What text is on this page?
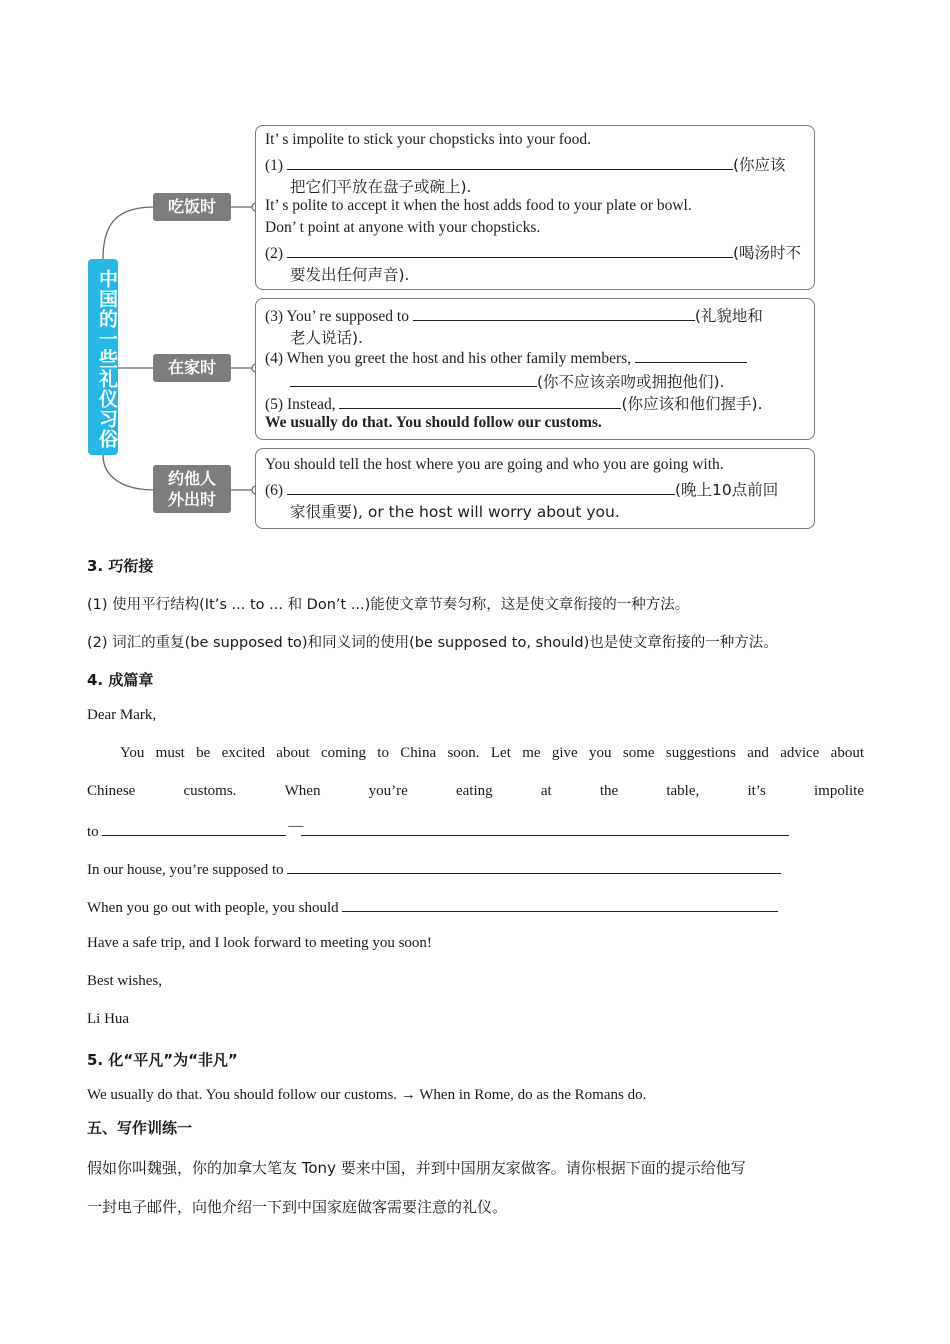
中国的一些礼仪习俗
吃饭时
在家时
约他人
外出时
It’ s impolite to stick your chopsticks into your food.
(1)	(你应该
把它们平放在盘子或碗上).
It’ s polite to accept it when the host adds food to your plate or bowl.
Don’ t point at anyone with your chopsticks.
(2)	(喝汤时不
要发出任何声音).
(3) You’ re supposed to	(礼貌地和
老人说话).
(4) When you greet the host and his other family members,
(你不应该亲吻或拥抱他们).
(5) Instead,	(你应该和他们握手).
We usually do that. You should follow our customs.
You should tell the host where you are going and who you are going with.
(6)	(晚上10点前回
家很重要), or the host will worry about you.
3. 巧衔接
(1) 使用平行结构(It’s ... to ... 和 Don’t ...)能使文章节奏匀称，这是使文章衔接的一种方法。
(2) 词汇的重复(be supposed to)和同义词的使用(be supposed to, should)也是使文章衔接的一种方法。
4. 成篇章
Dear Mark,
You must be excited about coming to China soon. Let me give you some suggestions and advice about
Chinese	customs.	When	you’re	eating	at	the	table,	it’s	impolite
to	—
In our house, you’re supposed to
When you go out with people, you should
Have a safe trip, and I look forward to meeting you soon!
Best wishes,
Li Hua
5. 化“平凡”为“非凡”
We usually do that. You should follow our customs. → When in Rome, do as the Romans do.
五、写作训练一
假如你叫魏强，你的加拿大笔友 Tony 要来中国，并到中国朋友家做客。请你根据下面的提示给他写
一封电子邮件，向他介绍一下到中国家庭做客需要注意的礼仪。
